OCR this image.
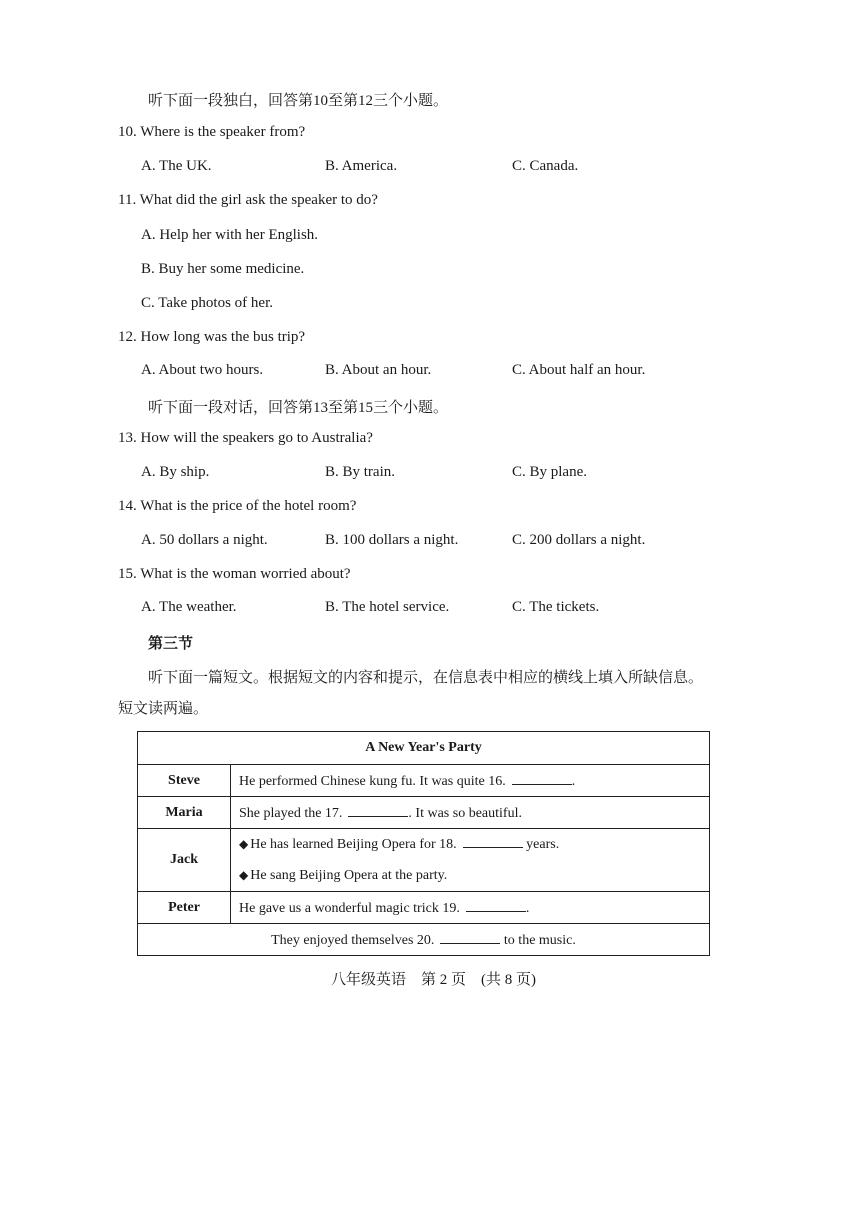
听下面一段独白，回答第10至第12三个小题。
10. Where is the speaker from?
A. The UK.	B. America.	C. Canada.
11. What did the girl ask the speaker to do?
A. Help her with her English.
B. Buy her some medicine.
C. Take photos of her.
12. How long was the bus trip?
A. About two hours.	B. About an hour.	C. About half an hour.
听下面一段对话，回答第13至第15三个小题。
13. How will the speakers go to Australia?
A. By ship.	B. By train.	C. By plane.
14. What is the price of the hotel room?
A. 50 dollars a night.	B. 100 dollars a night.	C. 200 dollars a night.
15. What is the woman worried about?
A. The weather.	B. The hotel service.	C. The tickets.
第三节
听下面一篇短文。根据短文的内容和提示，在信息表中相应的横线上填入所缺信息。
短文读两遍。
A New Year's Party	
Steve	He performed Chinese kung fu. It was quite 16. .
Maria	She played the 17. . It was so beautiful.
Jack	◆ He has learned Beijing Opera for 18. years.
◆ He sang Beijing Opera at the party.

Peter	He gave us a wonderful magic trick 19. .
They enjoyed themselves 20. to the music.	
八年级英语　第 2 页　(共 8 页)
